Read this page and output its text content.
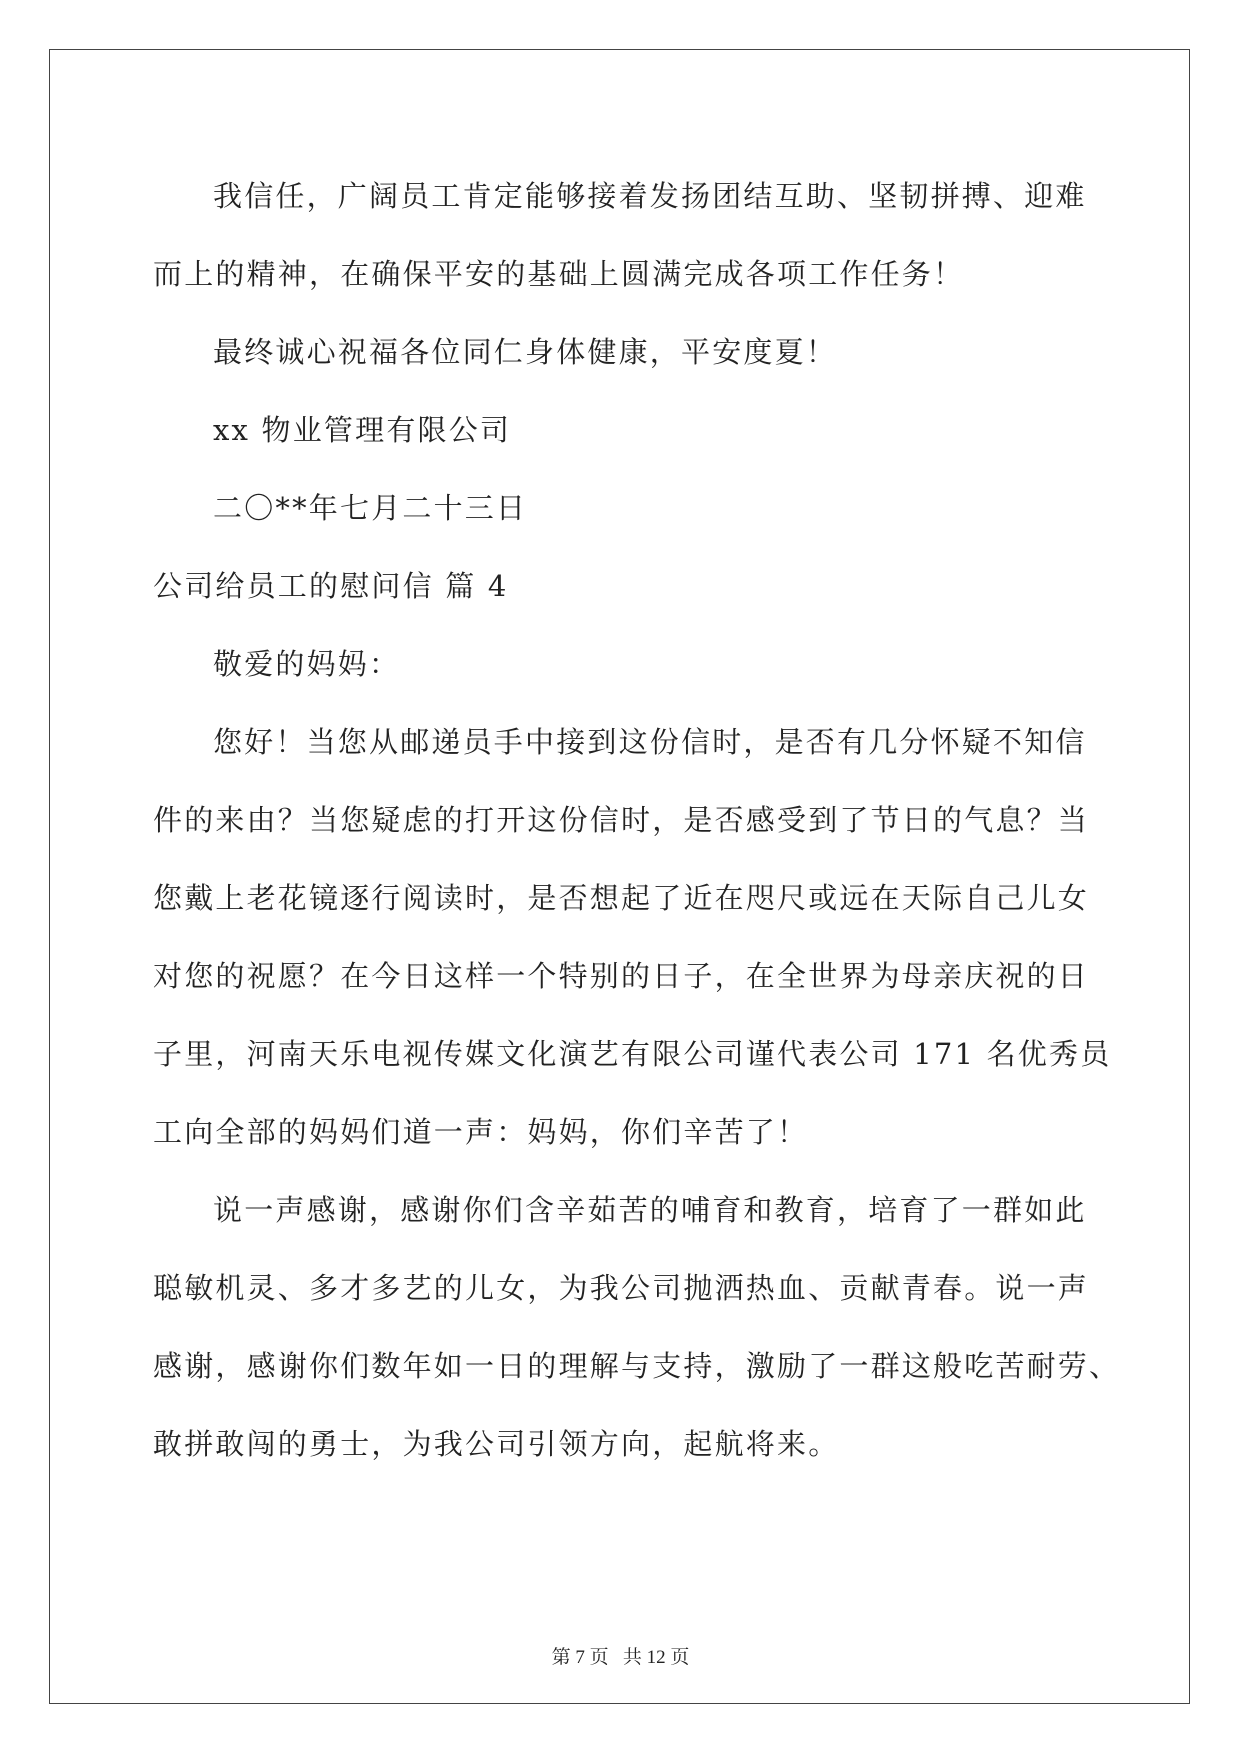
我信任，广阔员工肯定能够接着发扬团结互助、坚韧拼搏、迎难
而上的精神，在确保平安的基础上圆满完成各项工作任务！
最终诚心祝福各位同仁身体健康，平安度夏！
xx 物业管理有限公司
二〇**年七月二十三日
公司给员工的慰问信 篇 4
敬爱的妈妈：
您好！当您从邮递员手中接到这份信时，是否有几分怀疑不知信
件的来由？当您疑虑的打开这份信时，是否感受到了节日的气息？当
您戴上老花镜逐行阅读时，是否想起了近在咫尺或远在天际自己儿女
对您的祝愿？在今日这样一个特别的日子，在全世界为母亲庆祝的日
子里，河南天乐电视传媒文化演艺有限公司谨代表公司 171 名优秀员
工向全部的妈妈们道一声：妈妈，你们辛苦了！
说一声感谢，感谢你们含辛茹苦的哺育和教育，培育了一群如此
聪敏机灵、多才多艺的儿女，为我公司抛洒热血、贡献青春。说一声
感谢，感谢你们数年如一日的理解与支持，激励了一群这般吃苦耐劳、
敢拼敢闯的勇士，为我公司引领方向，起航将来。
第 7 页 共 12 页
